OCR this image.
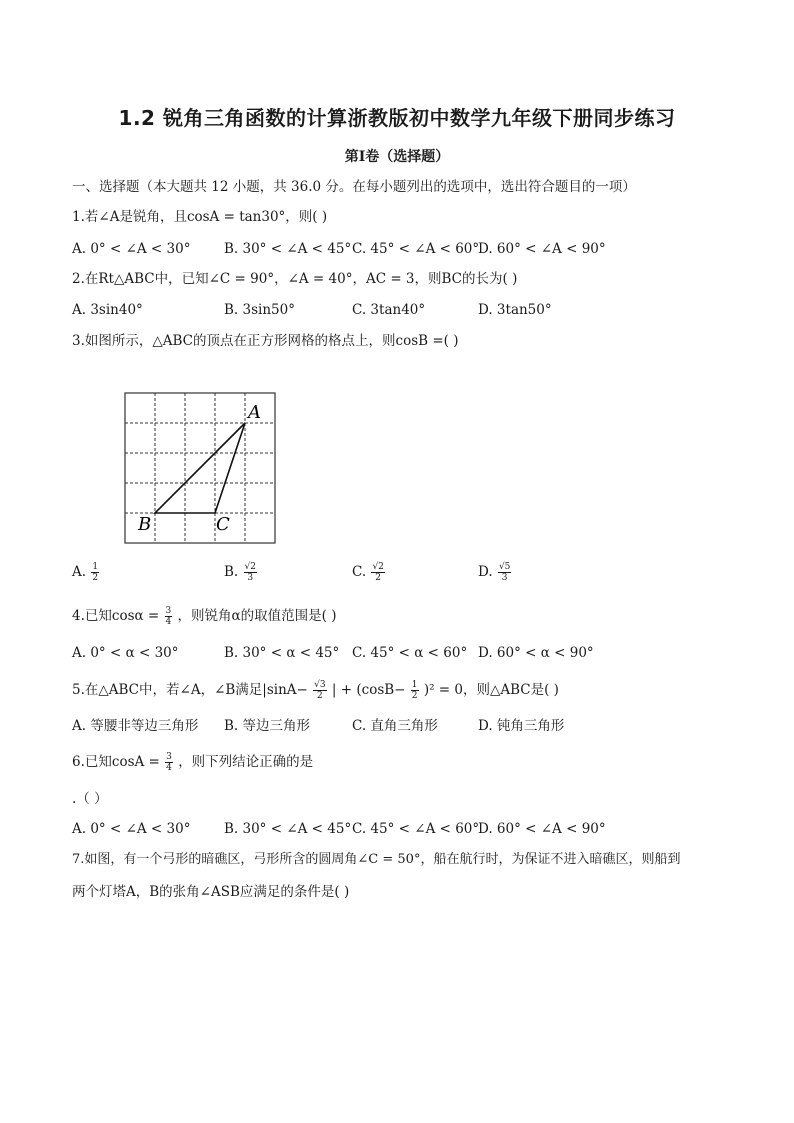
1.2 锐角三角函数的计算浙教版初中数学九年级下册同步练习
第Ⅰ卷（选择题）
一、选择题（本大题共 12 小题，共 36.0 分。在每小题列出的选项中，选出符合题目的一项）
1.若∠A是锐角，且cosA = tan30°，则( )
A. 0° < ∠A < 30° B. 30° < ∠A < 45° C. 45° < ∠A < 60°
D. 60° < ∠A < 90°
2.在Rt△ABC中，已知∠C = 90°，∠A = 40°，AC = 3，则BC的长为( )
A. 3sin40°	B. 3sin50°	C. 3tan40°	D. 3tan50°
3.如图所示，△ABC的顶点在正方形网格的格点上，则cosB =( )
A
B	C
A. $\frac{1}{2}$	B. $\frac{√2}{3}$	C. $\frac{√2}{2}$	D. $\frac{√5}{3}$
4.已知$\cos\alpha = \frac{3}{4}$ ，则锐角α的取值范围是( )
A. 0° < α < 30°	B. 30° < α < 45° C. 45° < α < 60° D. 60° < α < 90°
5.在△ABC中，若∠A，∠B满足$|\sin A- \frac{√3}{2}$ | + $(\cos B- \frac{1}{2} )^2 = 0$，则△ABC是( )
A. 等腰非等边三角形 B. 等边三角形	C. 直角三角形	D. 钝角三角形
6.已知$\cos A = \frac{3}{4}$ ，则下列结论正确的是
.（ ）
A. 0° < ∠A < 30° B. 30° < ∠A < 45° C. 45° < ∠A < 60°
D. 60° < ∠A < 90°
7.如图，有一个弓形的暗礁区，弓形所含的圆周角∠C = 50°，船在航行时，为保证不进入暗礁区，则船到
两个灯塔A，B的张角∠ASB应满足的条件是( )
